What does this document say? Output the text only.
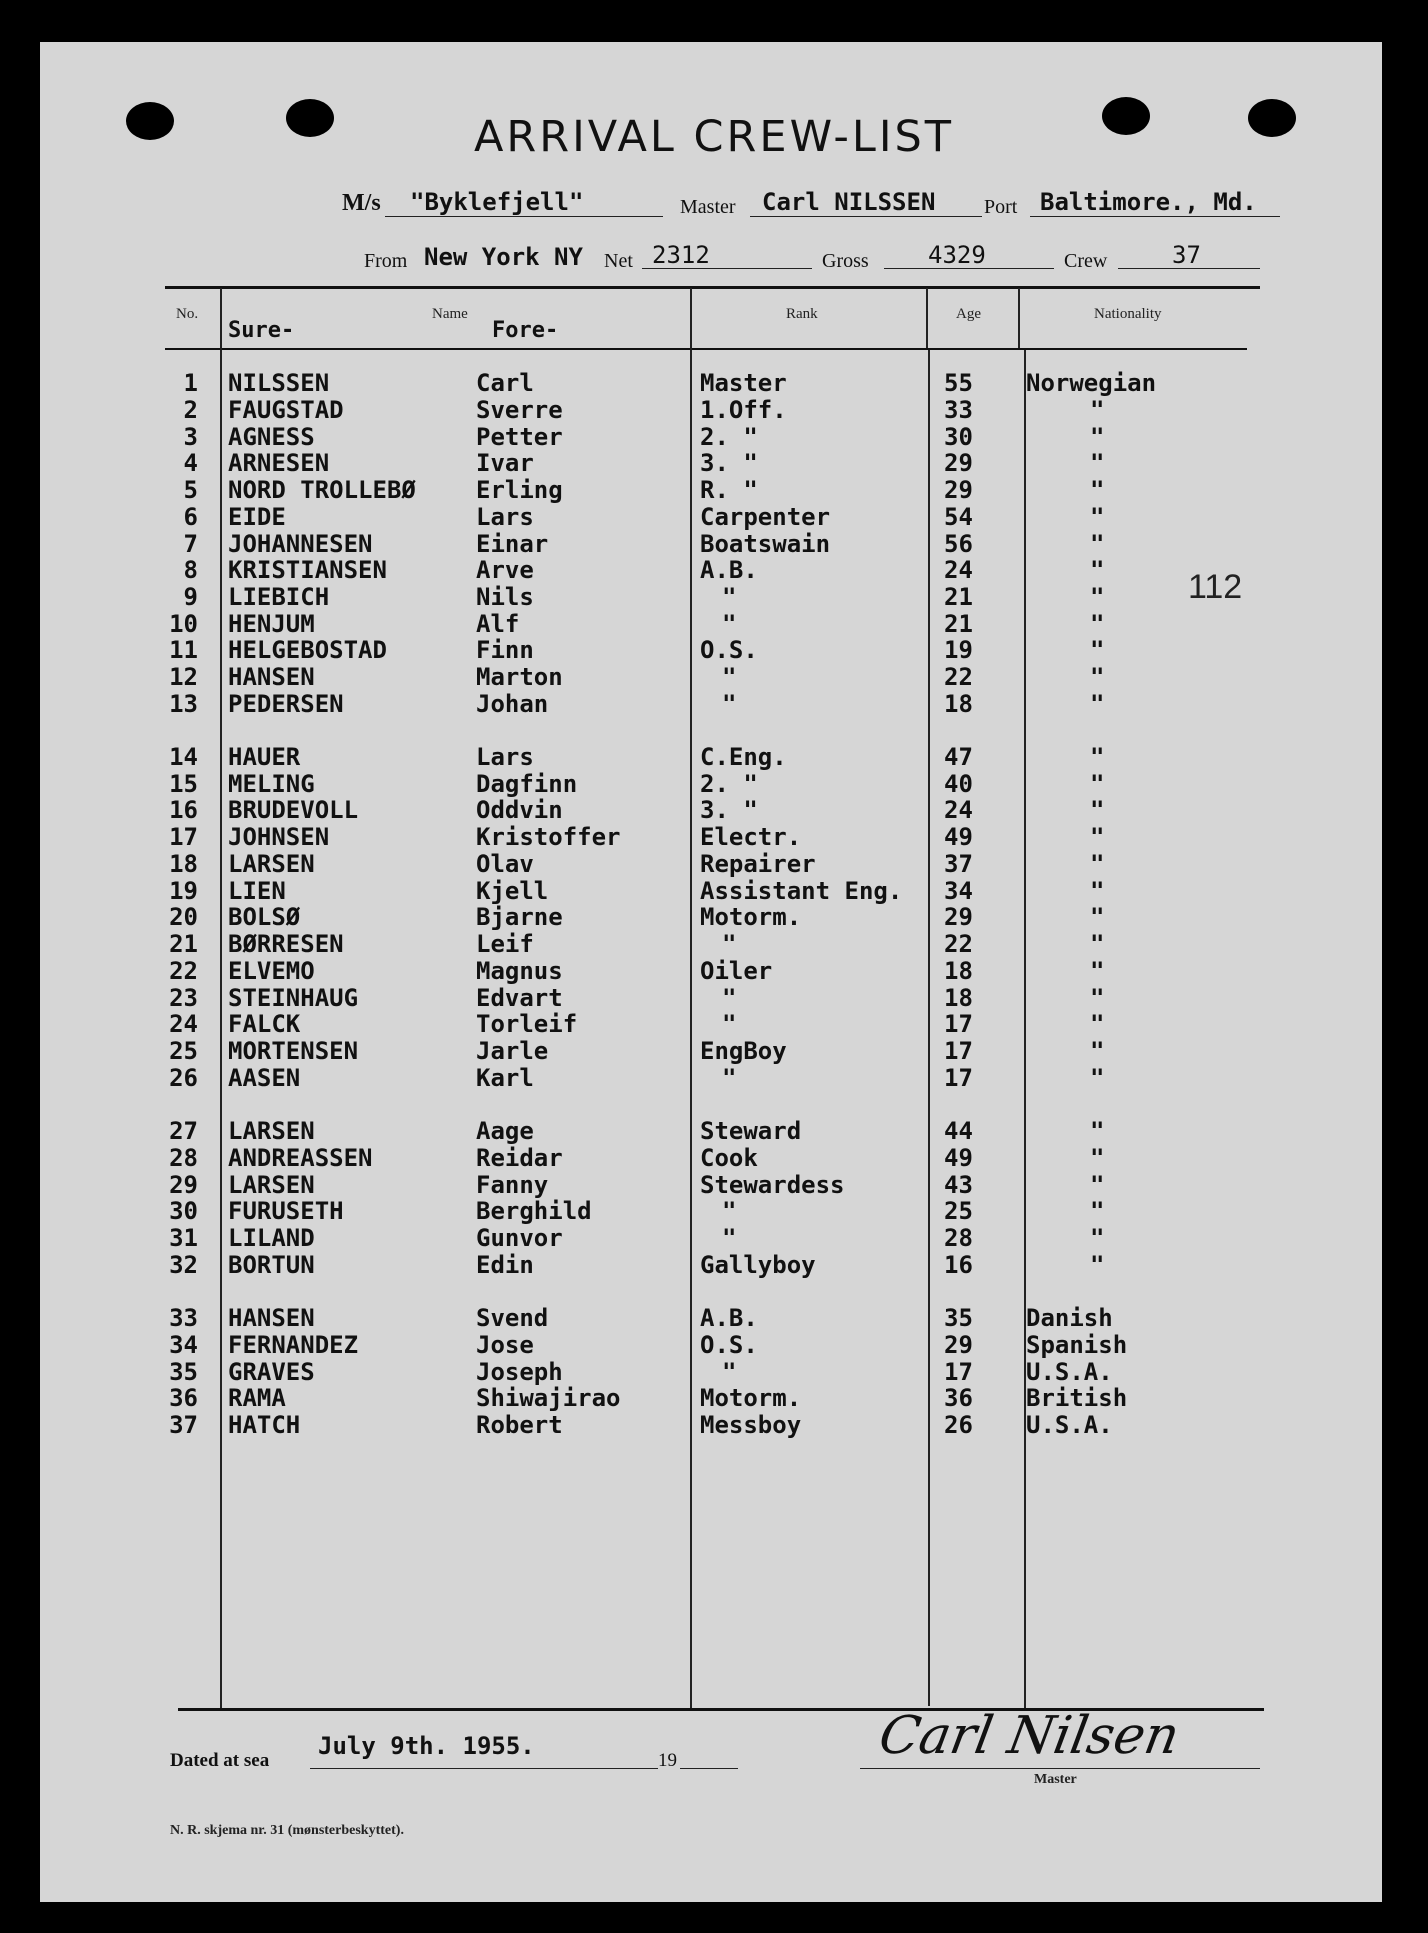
ARRIVAL CREW-LIST
M/s "Byklefjell"	Master Carl NILSSEN Port Baltimore., Md.
From New York NY Net 2312	Gross 4329	Crew	37
No.	Name
Sure-	Fore-
Rank	Age	Nationality
1 NILSSEN	Carl	Master	55 Norwegian
2 FAUGSTAD	Sverre	1.Off.	33	"
3 AGNESS	Petter	2. "	30	"
4 ARNESEN	Ivar	3. "	29	"
5 NORD TROLLEBØ	Erling	R. "	29	"
6 EIDE	Lars	Carpenter	54	"
7 JOHANNESEN	Einar	Boatswain	56	"
8 KRISTIANSEN	Arve	A.B.	24	"
9 LIEBICH	Nils	"	21	"
10 HENJUM	Alf	"	21	"
11 HELGEBOSTAD	Finn	O.S.	19	"
12 HANSEN	Marton	"	22	"
13 PEDERSEN	Johan	"	18	"
14 HAUER	Lars	C.Eng.	47	"
15 MELING	Dagfinn	2. "	40	"
16 BRUDEVOLL	Oddvin	3. "	24	"
17 JOHNSEN	Kristoffer	Electr.	49	"
18 LARSEN	Olav	Repairer	37	"
19 LIEN	Kjell	Assistant Eng. 34	"
20 BOLSØ	Bjarne	Motorm.	29	"
21 BØRRESEN	Leif	"	22	"
22 ELVEMO	Magnus	Oiler	18	"
23 STEINHAUG	Edvart	"	18	"
24 FALCK	Torleif	"	17	"
25 MORTENSEN	Jarle	EngBoy	17	"
26 AASEN	Karl	"	17	"
27 LARSEN	Aage	Steward	44	"
28 ANDREASSEN	Reidar	Cook	49	"
29 LARSEN	Fanny	Stewardess	43	"
30 FURUSETH	Berghild	"	25	"
31 LILAND	Gunvor	"	28	"
32 BORTUN	Edin	Gallyboy	16	"
33 HANSEN	Svend	A.B.	35 Danish
34 FERNANDEZ	Jose	O.S.	29 Spanish
35 GRAVES	Joseph	"	17 U.S.A.
36 RAMA	Shiwajirao	Motorm.	36 British
37 HATCH	Robert	Messboy	26 U.S.A.
112
Dated at sea
July 9th. 1955.
19	Carl Nilsen
Master
N. R. skjema nr. 31 (mønsterbeskyttet).
